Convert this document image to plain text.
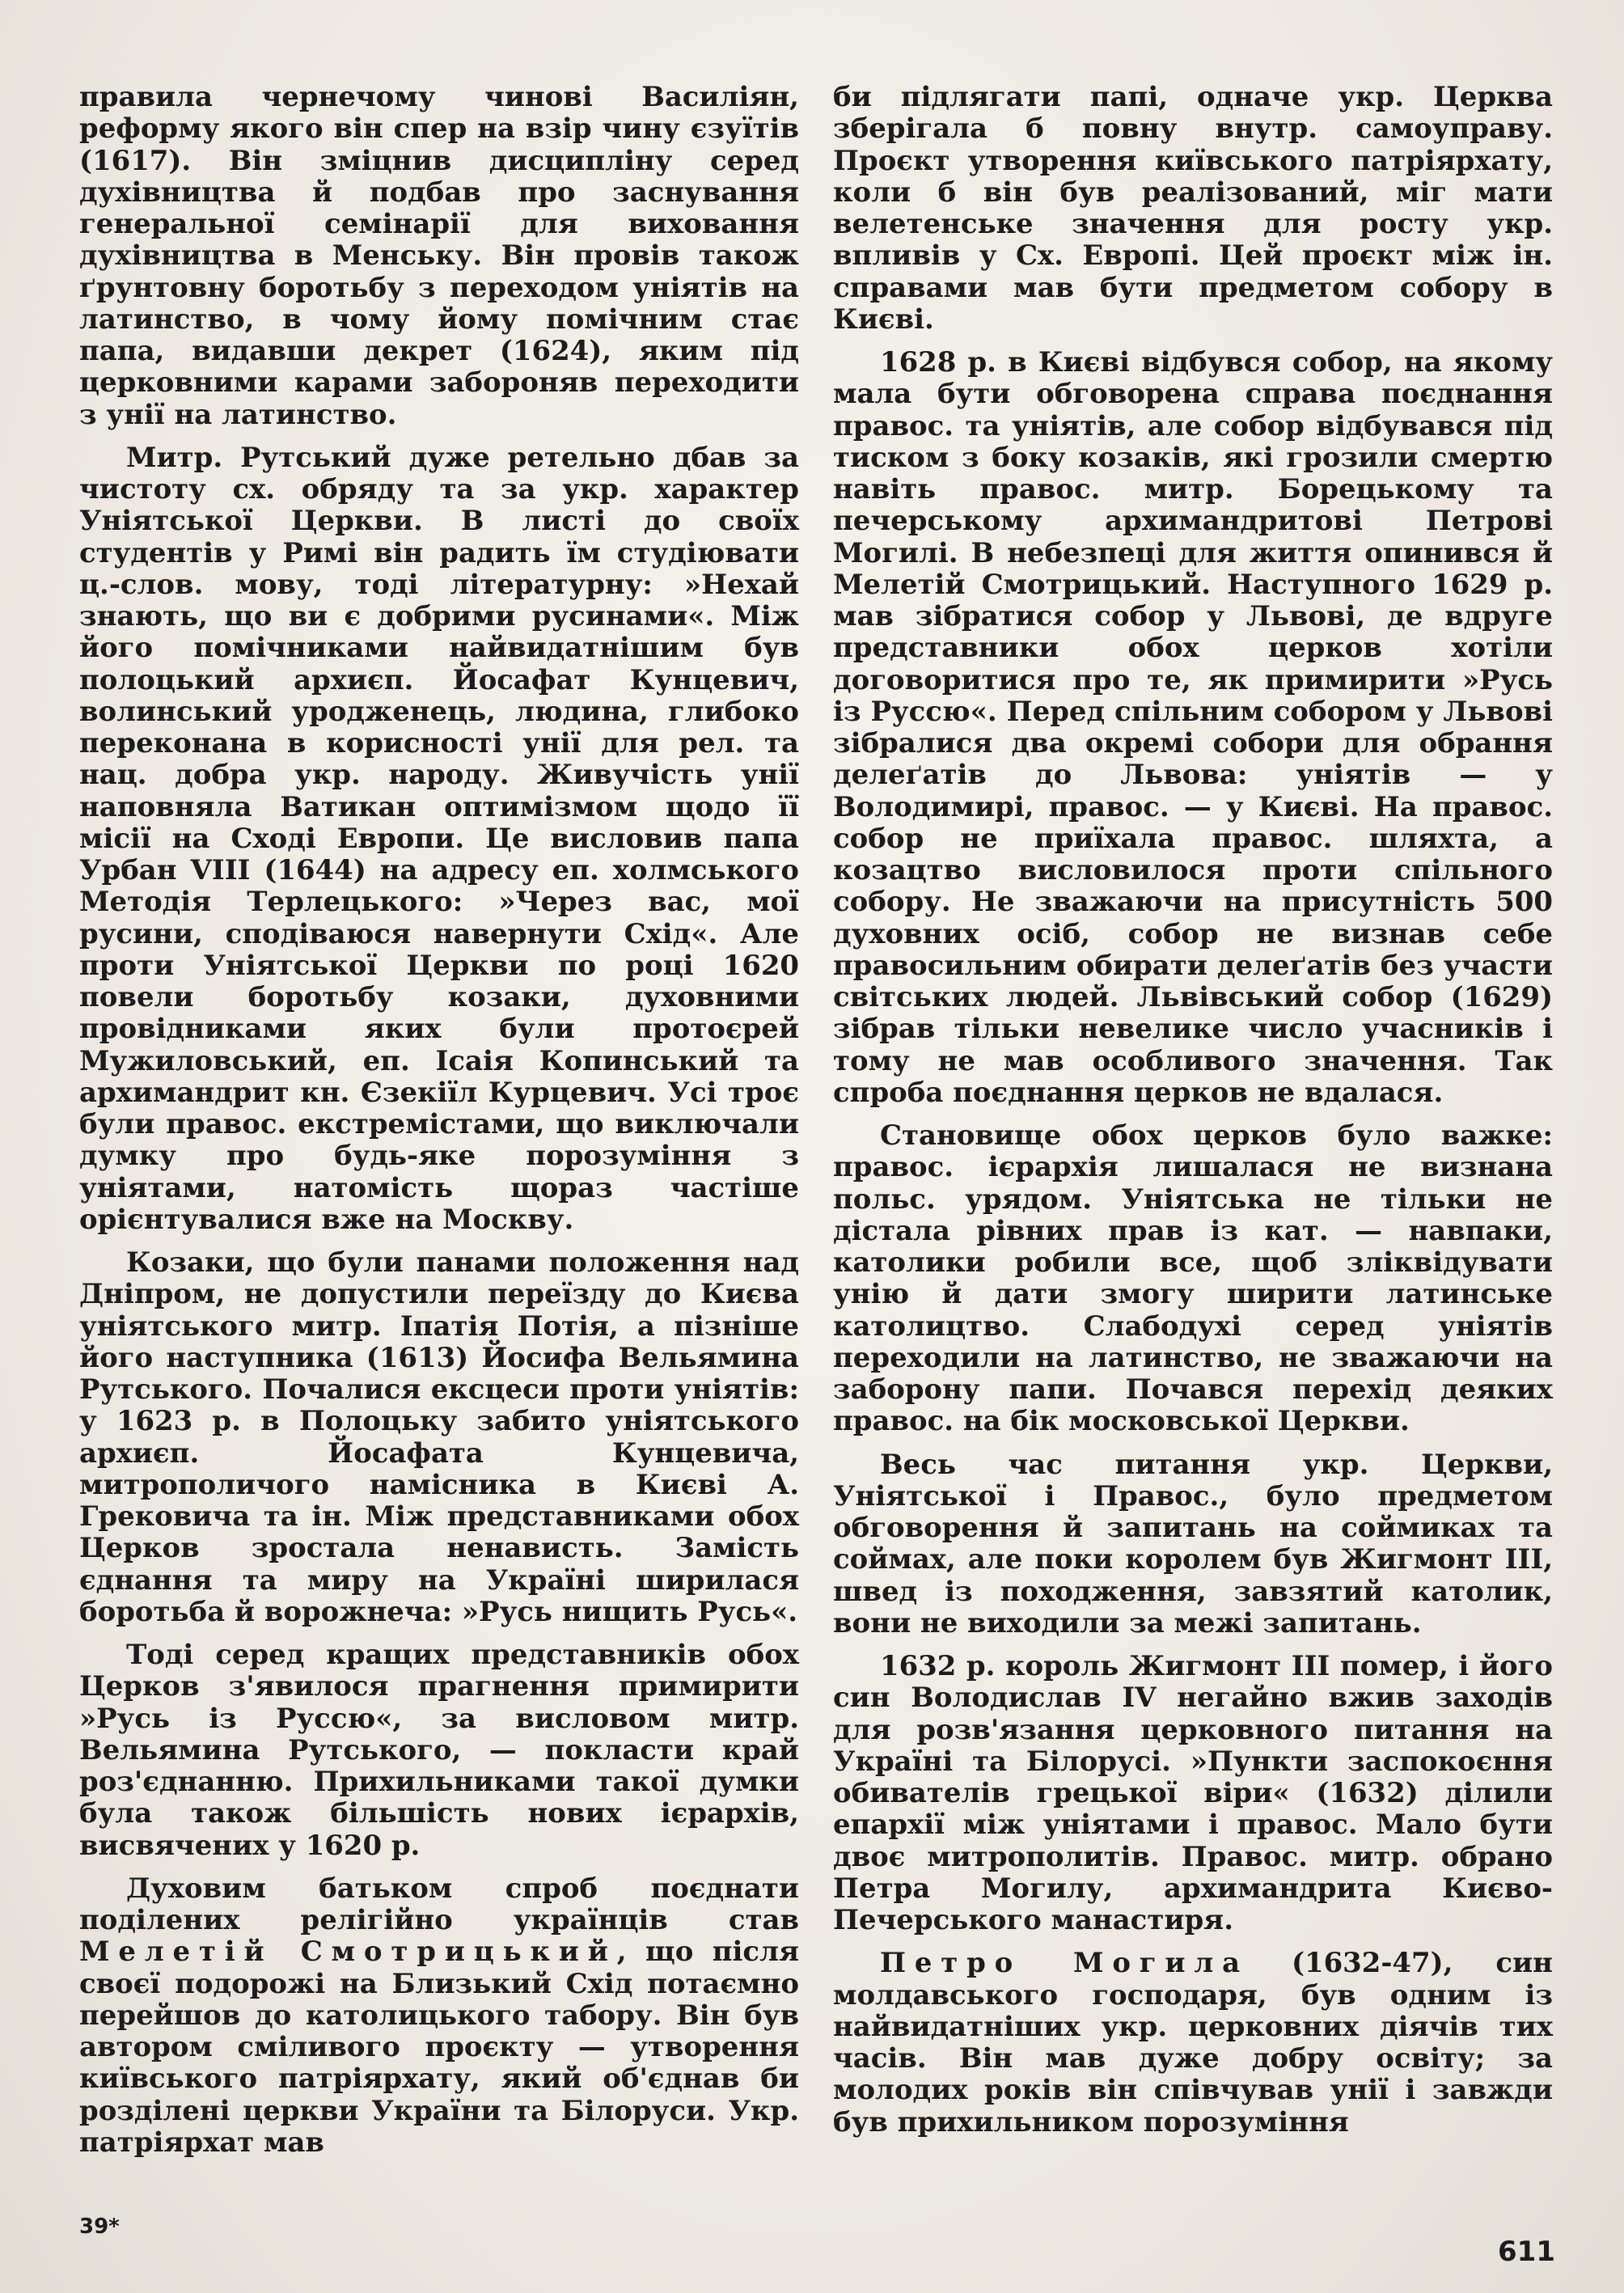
правила чернечому чинові Василіян, реформу якого він спер на взір чину єзуїтів (1617). Він зміцнив дисципліну серед духівництва й подбав про заснування генеральної семінарії для виховання духівництва в Менську. Він провів також ґрунтовну боротьбу з переходом уніятів на латинство, в чому йому помічним стає папа, видавши декрет (1624), яким під церковними карами забороняв переходити з унії на латинство.

Митр. Рутський дуже ретельно дбав за чистоту сх. обряду та за укр. характер Уніятської Церкви. В листі до своїх студентів у Римі він радить їм студіювати ц.-слов. мову, тоді літературну: »Нехай знають, що ви є добрими русинами«. Між його помічниками найвидатнішим був полоцький архиєп. Йосафат Кунцевич, волинський уродженець, людина, глибоко переконана в корисності унії для рел. та нац. добра укр. народу. Живучість унії наповняла Ватикан оптимізмом щодо її місії на Сході Европи. Це висловив папа Урбан VIII (1644) на адресу еп. холмського Методія Терлецького: »Через вас, мої русини, сподіваюся навернути Схід«. Але проти Уніятської Церкви по році 1620 повели боротьбу козаки, духовними провідниками яких були протоєрей Мужиловський, еп. Ісаія Копинський та архимандрит кн. Єзекіїл Курцевич. Усі троє були правос. екстремістами, що виключали думку про будь-яке порозуміння з уніятами, натомість щораз частіше орієнтувалися вже на Москву.

Козаки, що були панами положення над Дніпром, не допустили переїзду до Києва уніятського митр. Іпатія Потія, а пізніше його наступника (1613) Йосифа Вельямина Рутського. Почалися ексцеси проти уніятів: у 1623 р. в Полоцьку забито уніятського архиєп. Йосафата Кунцевича, митрополичого намісника в Києві А. Грековича та ін. Між представниками обох Церков зростала ненависть. Замість єднання та миру на Україні ширилася боротьба й ворожнеча: »Русь нищить Русь«.

Тоді серед кращих представників обох Церков з'явилося прагнення примирити »Русь із Руссю«, за висловом митр. Вельямина Рутського, — покласти край роз'єднанню. Прихильниками такої думки була також більшість нових ієрархів, висвячених у 1620 р.

Духовим батьком спроб поєднати поділених релігійно українців став Мелетій Смотрицький, що після своєї подорожі на Близький Схід потаємно перейшов до католицького табору. Він був автором сміливого проєкту — утворення київського патріярхату, який об'єднав би розділені церкви України та Білоруси. Укр. патріярхат мав

би підлягати папі, одначе укр. Церква зберігала б повну внутр. самоуправу. Проєкт утворення київського патріярхату, коли б він був реалізований, міг мати велетенське значення для росту укр. впливів у Сх. Европі. Цей проєкт між ін. справами мав бути предметом собору в Києві.

1628 р. в Києві відбувся собор, на якому мала бути обговорена справа поєднання правос. та уніятів, але собор відбувався під тиском з боку козаків, які грозили смертю навіть правос. митр. Борецькому та печерському архимандритові Петрові Могилі. В небезпеці для життя опинився й Мелетій Смотрицький. Наступного 1629 р. мав зібратися собор у Львові, де вдруге представники обох церков хотіли договоритися про те, як примирити »Русь із Руссю«. Перед спільним собором у Львові зібралися два окремі собори для обрання делеґатів до Львова: уніятів — у Володимирі, правос. — у Києві. На правос. собор не приїхала правос. шляхта, а козацтво висловилося проти спільного собору. Не зважаючи на присутність 500 духовних осіб, собор не визнав себе правосильним обирати делеґатів без участи світських людей. Львівський собор (1629) зібрав тільки невелике число учасників і тому не мав особливого значення. Так спроба поєднання церков не вдалася.

Становище обох церков було важке: правос. ієрархія лишалася не визнана польс. урядом. Уніятська не тільки не дістала рівних прав із кат. — навпаки, католики робили все, щоб зліквідувати унію й дати змогу ширити латинське католицтво. Слабодухі серед уніятів переходили на латинство, не зважаючи на заборону папи. Почався перехід деяких правос. на бік московської Церкви.

Весь час питання укр. Церкви, Уніятської і Правос., було предметом обговорення й запитань на соймиках та соймах, але поки королем був Жигмонт III, швед із походження, завзятий католик, вони не виходили за межі запитань.

1632 р. король Жигмонт III помер, і його син Володислав IV негайно вжив заходів для розв'язання церковного питання на Україні та Білорусі. »Пункти заспокоєння обивателів грецької віри« (1632) ділили епархії між уніятами і правос. Мало бути двоє митрополитів. Правос. митр. обрано Петра Могилу, архимандрита Києво-Печерського манастиря.

Петро Могила (1632-47), син молдавського господаря, був одним із найвидатніших укр. церковних діячів тих часів. Він мав дуже добру освіту; за молодих років він співчував унії і завжди був прихильником порозуміння

39*
611
